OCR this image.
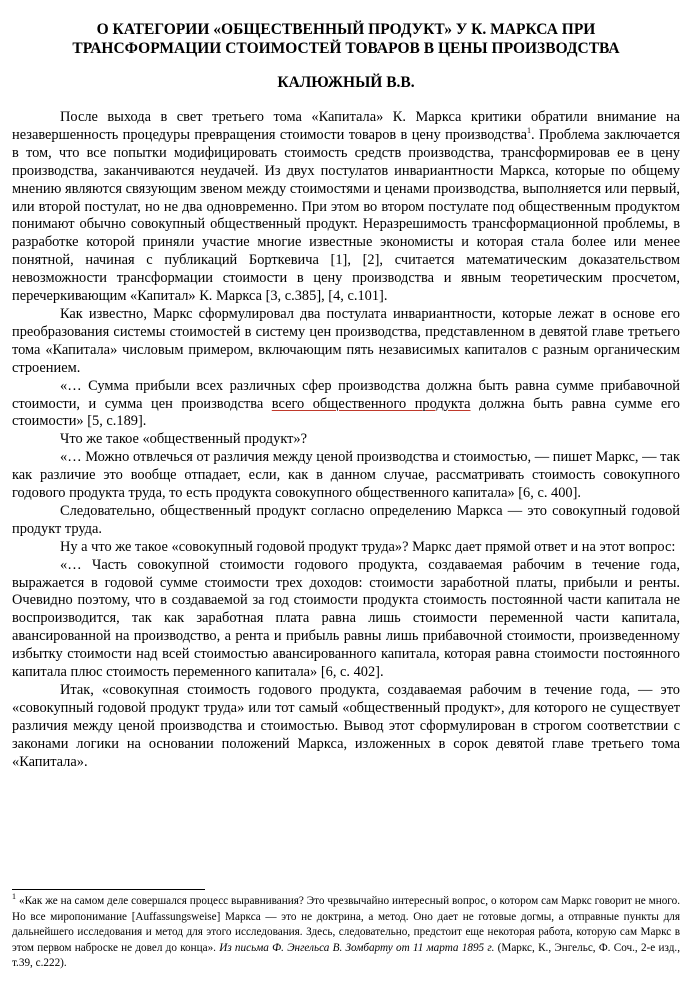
О КАТЕГОРИИ «ОБЩЕСТВЕННЫЙ ПРОДУКТ» У К. МАРКСА ПРИ
ТРАНСФОРМАЦИИ СТОИМОСТЕЙ ТОВАРОВ В ЦЕНЫ ПРОИЗВОДСТВА
КАЛЮЖНЫЙ В.В.

После выхода в свет третьего тома «Капитала» К. Маркса критики обратили внимание на незавершенность процедуры превращения стоимости товаров в цену производства$^1$. Проблема заключается в том, что все попытки модифицировать стоимость средств производства, трансформировав ее в цену производства, заканчиваются неудачей. Из двух постулатов инвариантности Маркса, которые по общему мнению являются связующим звеном между стоимостями и ценами производства, выполняется или первый, или второй постулат, но не два одновременно. При этом во втором постулате под общественным продуктом понимают обычно совокупный общественный продукт. Неразрешимость трансформационной проблемы, в разработке которой приняли участие многие известные экономисты и которая стала более или менее понятной, начиная с публикаций Борткевича [1], [2], считается математическим доказательством невозможности трансформации стоимости в цену производства и явным теоретическим просчетом, перечеркивающим «Капитал» К. Маркса [3, с.385], [4, с.101].

Как известно, Маркс сформулировал два постулата инвариантности, которые лежат в основе его преобразования системы стоимостей в систему цен производства, представленном в девятой главе третьего тома «Капитала» числовым примером, включающим пять независимых капиталов с разным органическим строением.

«… Сумма прибыли всех различных сфер производства должна быть равна сумме прибавочной стоимости, и сумма цен производства всего общественного продукта должна быть равна сумме его стоимости» [5, с.189].

Что же такое «общественный продукт»?

«… Можно отвлечься от различия между ценой производства и стоимостью, — пишет Маркс, — так как различие это вообще отпадает, если, как в данном случае, рассматривать стоимость совокупного годового продукта труда, то есть продукта совокупного общественного капитала» [6, с. 400].

Следовательно, общественный продукт согласно определению Маркса — это совокупный годовой продукт труда.

Ну а что же такое «совокупный годовой продукт труда»? Маркс дает прямой ответ и на этот вопрос:

«… Часть совокупной стоимости годового продукта, создаваемая рабочим в течение года, выражается в годовой сумме стоимости трех доходов: стоимости заработной платы, прибыли и ренты. Очевидно поэтому, что в создаваемой за год стоимости продукта стоимость постоянной части капитала не воспроизводится, так как заработная плата равна лишь стоимости переменной части капитала, авансированной на производство, а рента и прибыль равны лишь прибавочной стоимости, произведенному избытку стоимости над всей стоимостью авансированного капитала, которая равна стоимости постоянного капитала плюс стоимость переменного капитала» [6, с. 402].

Итак, «совокупная стоимость годового продукта, создаваемая рабочим в течение года, — это «совокупный годовой продукт труда» или тот самый «общественный продукт», для которого не существует различия между ценой производства и стоимостью. Вывод этот сформулирован в строгом соответствии с законами логики на основании положений Маркса, изложенных в сорок девятой главе третьего тома «Капитала».

$^1$ «Как же на самом деле совершался процесс выравнивания? Это чрезвычайно интересный вопрос, о котором сам Маркс говорит не много. Но все миропонимание [Auffassungsweise] Маркса — это не доктрина, а метод. Оно дает не готовые догмы, а отправные пункты для дальнейшего исследования и метод для этого исследования. Здесь, следовательно, предстоит еще некоторая работа, которую сам Маркс в этом первом наброске не довел до конца». Из письма Ф. Энгельса В. Зомбарту от 11 марта 1895 г. (Маркс, К., Энгельс, Ф. Соч., 2-е изд., т.39, с.222).
